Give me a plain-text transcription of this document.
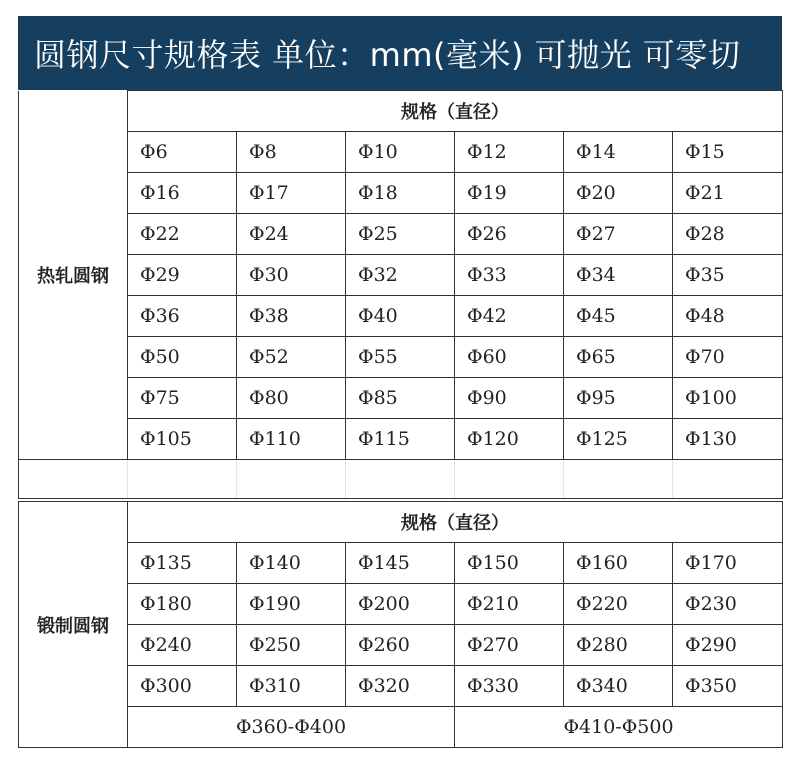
圆钢尺寸规格表 单位：mm(毫米) 可抛光 可零切
热轧圆钢	规格（直径）					
	Φ6	Φ8	Φ10	Φ12	Φ14	Φ15
	Φ16	Φ17	Φ18	Φ19	Φ20	Φ21
	Φ22	Φ24	Φ25	Φ26	Φ27	Φ28
	Φ29	Φ30	Φ32	Φ33	Φ34	Φ35
	Φ36	Φ38	Φ40	Φ42	Φ45	Φ48
	Φ50	Φ52	Φ55	Φ60	Φ65	Φ70
	Φ75	Φ80	Φ85	Φ90	Φ95	Φ100
	Φ105	Φ110	Φ115	Φ120	Φ125	Φ130

锻制圆钢	规格（直径）					
	Φ135	Φ140	Φ145	Φ150	Φ160	Φ170
	Φ180	Φ190	Φ200	Φ210	Φ220	Φ230
	Φ240	Φ250	Φ260	Φ270	Φ280	Φ290
	Φ300	Φ310	Φ320	Φ330	Φ340	Φ350
	Φ360-Φ400			Φ410-Φ500		
